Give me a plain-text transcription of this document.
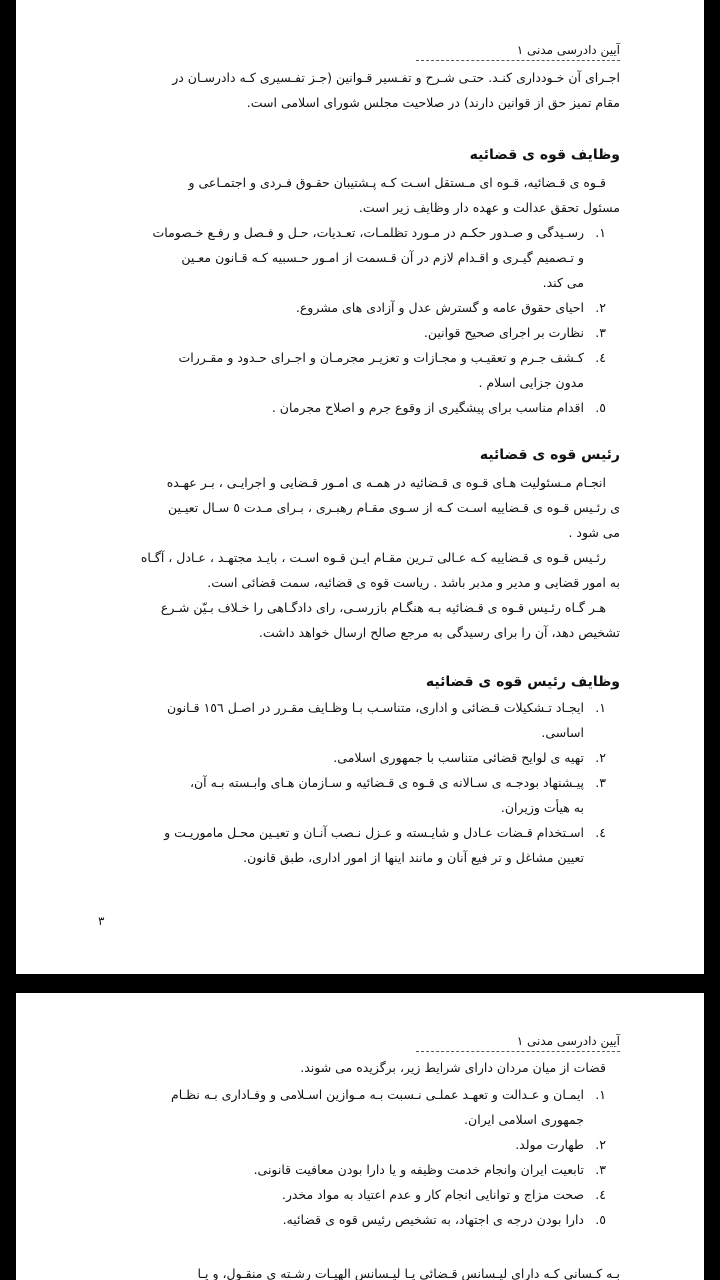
آیین دادرسی مدنی ۱
اجـرای آن خـودداری کنـد. حتـی شـرح و تفـسیر قـوانین (جـز تفـسیری کـه دادرسـان در
مقام تمیز حق از قوانین دارند) در صلاحیت مجلس شورای اسلامی است.
وظایف قوه ی قضائیه
قـوه ی قـضائیه، قـوه ای مـستقل اسـت کـه پـشتیبان حقـوق فـردی و اجتمـاعی و
مسئول تحقق عدالت و عهده دار وظایف زیر است.
١.
رسـیدگی و صـدور حکـم در مـورد تظلمـات، تعـدیات، حـل و فـصل و رفـع خـصومات
و تـصمیم گیـری و اقـدام لازم در آن قـسمت از امـور حـسبیه کـه قـانون معـین
می کند.
٢.
احیای حقوق عامه و گسترش عدل و آزادی های مشروع.
٣.
نظارت بر اجرای صحیح قوانین.
٤.
کـشف جـرم و تعقیـب و مجـازات و تعزیـر مجرمـان و اجـرای حـدود و مقـررات
مدون جزایی اسلام .
٥.
اقدام مناسب برای پیشگیری از وقوع جرم و اصلاح مجرمان .
رئیس قوه ی قضائیه
انجـام مـسئولیت هـای قـوه ی قـضائیه در همـه ی امـور قـضایی و اجرایـی ، بـر عهـده
ی رئـیس قـوه ی قـضاییه اسـت کـه از سـوی مقـام رهبـری ، بـرای مـدت ٥ سـال تعیـین
می شود .
رئـیس قـوه ی قـضاییه کـه عـالی تـرین مقـام ایـن قـوه اسـت ، بایـد مجتهـد ، عـادل ، آگـاه
به امور قضایی و مدیر و مدبر باشد . ریاست قوه ی قضائیه، سمت قضائی است.
هـر گـاه رئـیس قـوه ی قـضائیه بـه هنگـام بازرسـی، رای دادگـاهی را خـلاف بـیّن شـرع
تشخیص دهد، آن را برای رسیدگی به مرجع صالح ارسال خواهد داشت.
وظایف رئیس قوه ی قضائیه
١.
ایجـاد تـشکیلات قـضائی و اداری، متناسـب بـا وظـایف مقـرر در اصـل ١٥٦ قـانون
اساسی.
٢.
تهیه ی لوایح قضائی متناسب با جمهوری اسلامی.
٣.
پیـشنهاد بودجـه ی سـالانه ی قـوه ی قـضائیه و سـازمان هـای وابـسته بـه آن،
به هیأت وزیران.
٤.
اسـتخدام قـضات عـادل و شایـسته و عـزل نـصب آنـان و تعیـین محـل ماموریـت و
تعیین مشاغل و تر فیع آنان و مانند اینها از امور اداری، طبق قانون.
٣
آیین دادرسی مدنی ۱
قضات از میان مردان دارای شرایط زیر، برگزیده می شوند.
١.
ایمـان و عـدالت و تعهـد عملـی نـسبت بـه مـوازین اسـلامی و وفـاداری بـه نظـام
جمهوری اسلامی ایران.
٢.
طهارت مولد.
٣.
تابعیت ایران وانجام خدمت وظیفه و یا دارا بودن معافیت قانونی.
٤.
صحت مزاج و توانایی انجام کار و عدم اعتیاد به مواد مخدر.
٥.
دارا بودن درجه ی اجتهاد، به تشخیص رئیس قوه ی قضائیه.
بـه کـسانی کـه دارای لیـسانس قـضائی یـا لیـسانس الهیـات رشـته ی منقـول، و یـا
